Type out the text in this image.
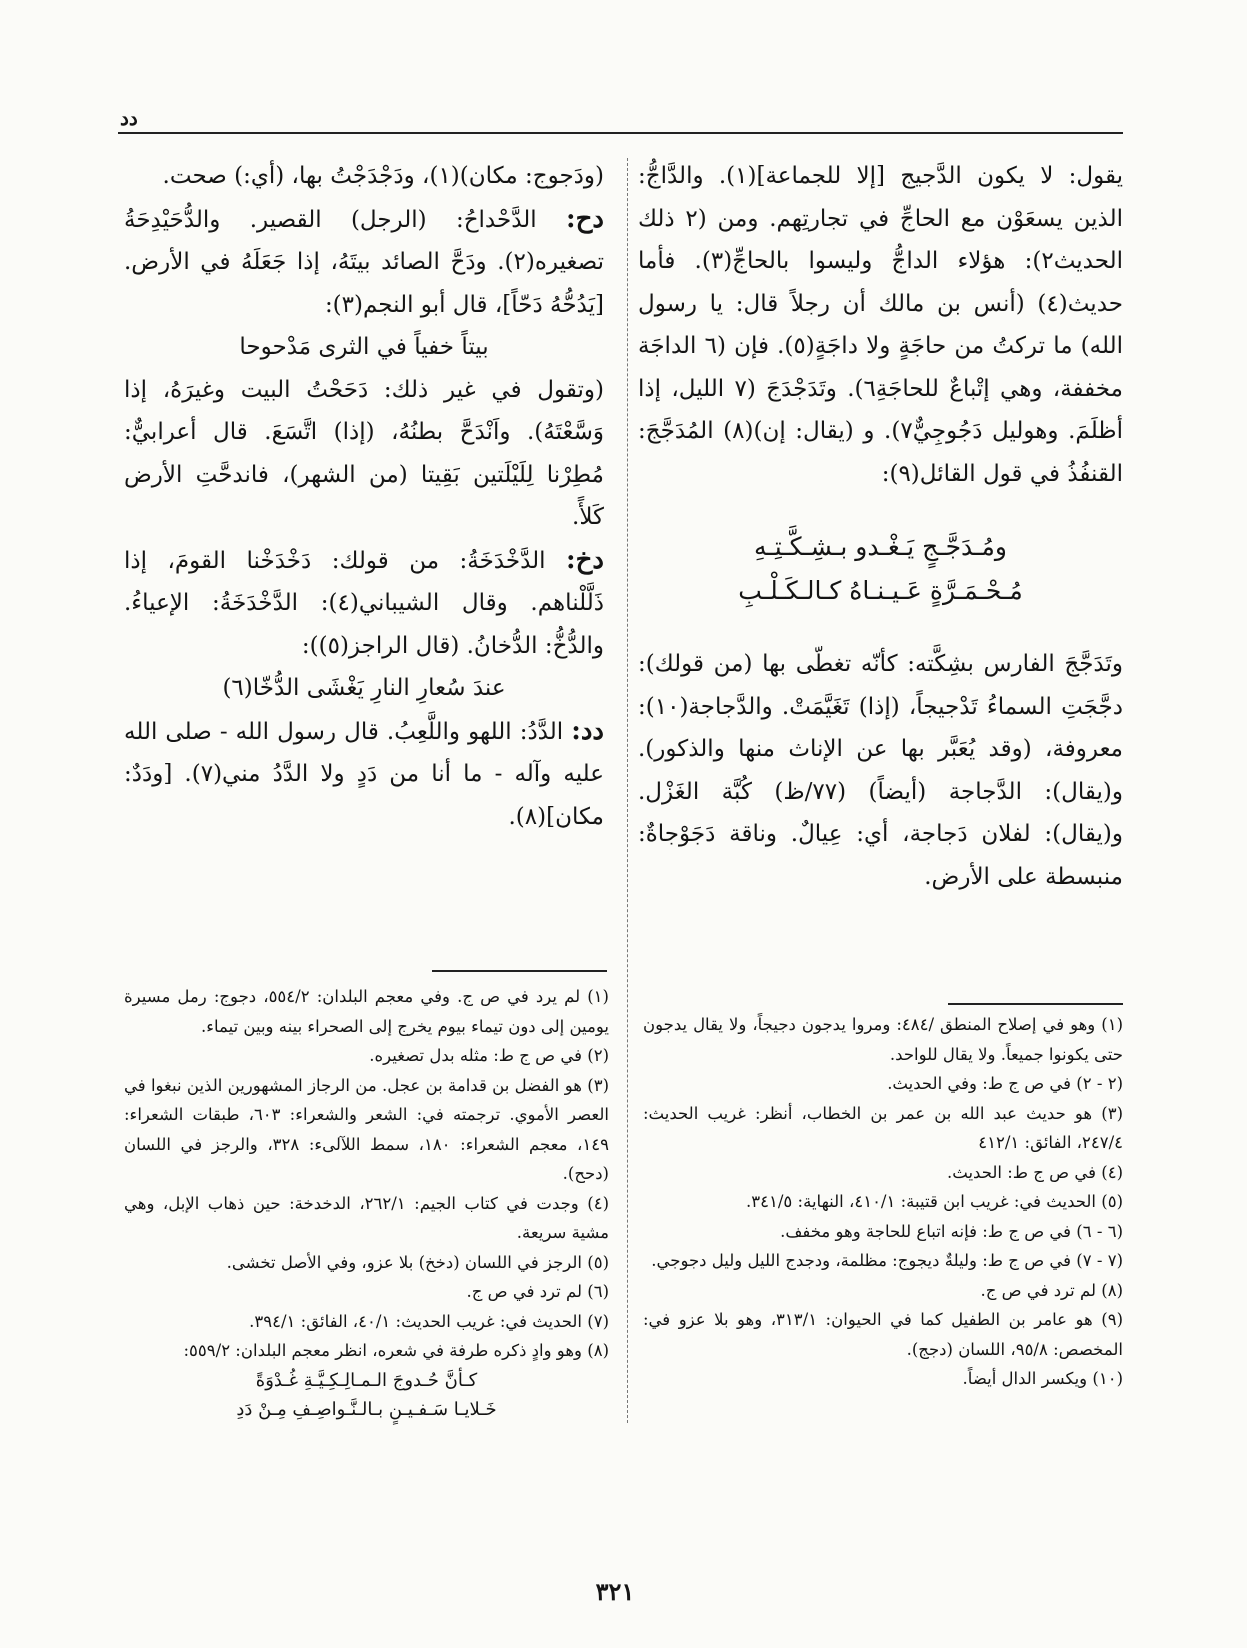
دد

يقول: لا يكون الدَّجيج [إلا للجماعة](١). والدَّاجُّ: الذين يسعَوْن مع الحاجِّ في تجارتِهم. ومن (٢ ذلك الحديث٢): هؤلاء الداجُّ وليسوا بالحاجِّ(٣). فأما حديث(٤) (أنس بن مالك أن رجلاً قال: يا رسول الله) ما تركتُ من حاجَةٍ ولا داجَةٍ(٥). فإن (٦ الداجَة مخففة، وهي إتْباعٌ للحاجَةِ٦). وتَدَجْدَجَ (٧ الليل، إذا أظلَمَ. وهوليل دَجُوجِيٌّ٧). و (يقال: إن)(٨) المُدَجَّجَ: القنفُذُ في قول القائل(٩):

ومُـدَجَّـجٍ يَـغْـدو بـشِـكَّـتِـهِ
مُـحْـمَـرَّةٍ عَـيـنـاهُ كـالـكَـلْـبِ

وتَدَجَّجَ الفارس بشِكَّته: كأنّه تغطّى بها (من قولك): دجَّجَتِ السماءُ تَدْجيجاً، (إذا) تَغَيَّمَتْ. والدَّجاجة(١٠): معروفة، (وقد يُعَبَّر بها عن الإناث منها والذكور). و(يقال): الدَّجاجة (أيضاً) (٧٧/ظ) كُبَّة الغَزْل. و(يقال): لفلان دَجاجة، أي: عِيالٌ. وناقة دَجَوْجاةٌ: منبسطة على الأرض.

(ودَجوج: مكان)(١)، ودَجْدَجْتُ بها، (أي:) صحت.

دح: الدَّحْداحُ: (الرجل) القصير. والدُّحَيْدِحَةُ تصغيره(٢). ودَحَّ الصائد بيتَهُ، إذا جَعَلَهُ في الأرض. [يَدُحُّهُ دَحّاً]، قال أبو النجم(٣):

بيتاً خفياً في الثرى مَدْحوحا

(وتقول في غير ذلك: دَحَحْتُ البيت وغيرَهُ، إذا وَسَّعْتَهُ). واَنْدَحَّ بطنُهُ، (إذا) اتَّسَعَ. قال أعرابيٌّ: مُطِرْنا لِلَيْلَتين بَقِيتا (من الشهر)، فاندحَّتِ الأرض كَلأً.

دخ: الدَّخْدَخَةُ: من قولك: دَخْدَخْنا القومَ، إذا ذَلَّلْناهم. وقال الشيباني(٤): الدَّخْدَخَةُ: الإعياءُ. والدُّخُّ: الدُّخانُ. (قال الراجز(٥)):

عندَ سُعارِ النارِ يَغْشَى الدُّخّا(٦)

دد: الدَّدُ: اللهو واللَّعِبُ. قال رسول الله - صلى الله عليه وآله - ما أنا من دَدٍ ولا الدَّدُ مني(٧). [ودَدٌ: مكان](٨).

(١) وهو في إصلاح المنطق /٤٨٤: ومروا يدجون دجيجاً، ولا يقال يدجون حتى يكونوا جميعاً. ولا يقال للواحد.

(٢ - ٢) في ص ج ط: وفي الحديث.

(٣) هو حديث عبد الله بن عمر بن الخطاب، أنظر: غريب الحديث: ٢٤٧/٤، الفائق: ٤١٢/١

(٤) في ص ج ط: الحديث.

(٥) الحديث في: غريب ابن قتيبة: ٤١٠/١، النهاية: ٣٤١/٥.

(٦ - ٦) في ص ج ط: فإنه اتباع للحاجة وهو مخفف.

(٧ - ٧) في ص ج ط: وليلةٌ ديجوج: مظلمة، ودجدج الليل وليل دجوجي.

(٨) لم ترد في ص ج.

(٩) هو عامر بن الطفيل كما في الحيوان: ٣١٣/١، وهو بلا عزو في: المخصص: ٩٥/٨، اللسان (دجج).

(١٠) ويكسر الدال أيضاً.

(١) لم يرد في ص ج. وفي معجم البلدان: ٥٥٤/٢، دجوج: رمل مسيرة يومين إلى دون تيماء بيوم يخرج إلى الصحراء بينه وبين تيماء.

(٢) في ص ج ط: مثله بدل تصغيره.

(٣) هو الفضل بن قدامة بن عجل. من الرجاز المشهورين الذين نبغوا في العصر الأموي. ترجمته في: الشعر والشعراء: ٦٠٣، طبقات الشعراء: ١٤٩، معجم الشعراء: ١٨٠، سمط اللآلىء: ٣٢٨، والرجز في اللسان (دحح).

(٤) وجدت في كتاب الجيم: ٢٦٢/١، الدخدخة: حين ذهاب الإبل، وهي مشية سريعة.

(٥) الرجز في اللسان (دخخ) بلا عزو، وفي الأصل تخشى.

(٦) لم ترد في ص ج.

(٧) الحديث في: غريب الحديث: ٤٠/١، الفائق: ٣٩٤/١.

(٨) وهو وادٍ ذكره طرفة في شعره، انظر معجم البلدان: ٥٥٩/٢:

كـأنَّ حُـدوجَ الـمـالِـكِـيَّـةِ غُـدْوَةً
خَـلايـا سَـفـيـنٍ بـالـنَّـواصِـفِ مِـنْ دَدِ
٣٢١
